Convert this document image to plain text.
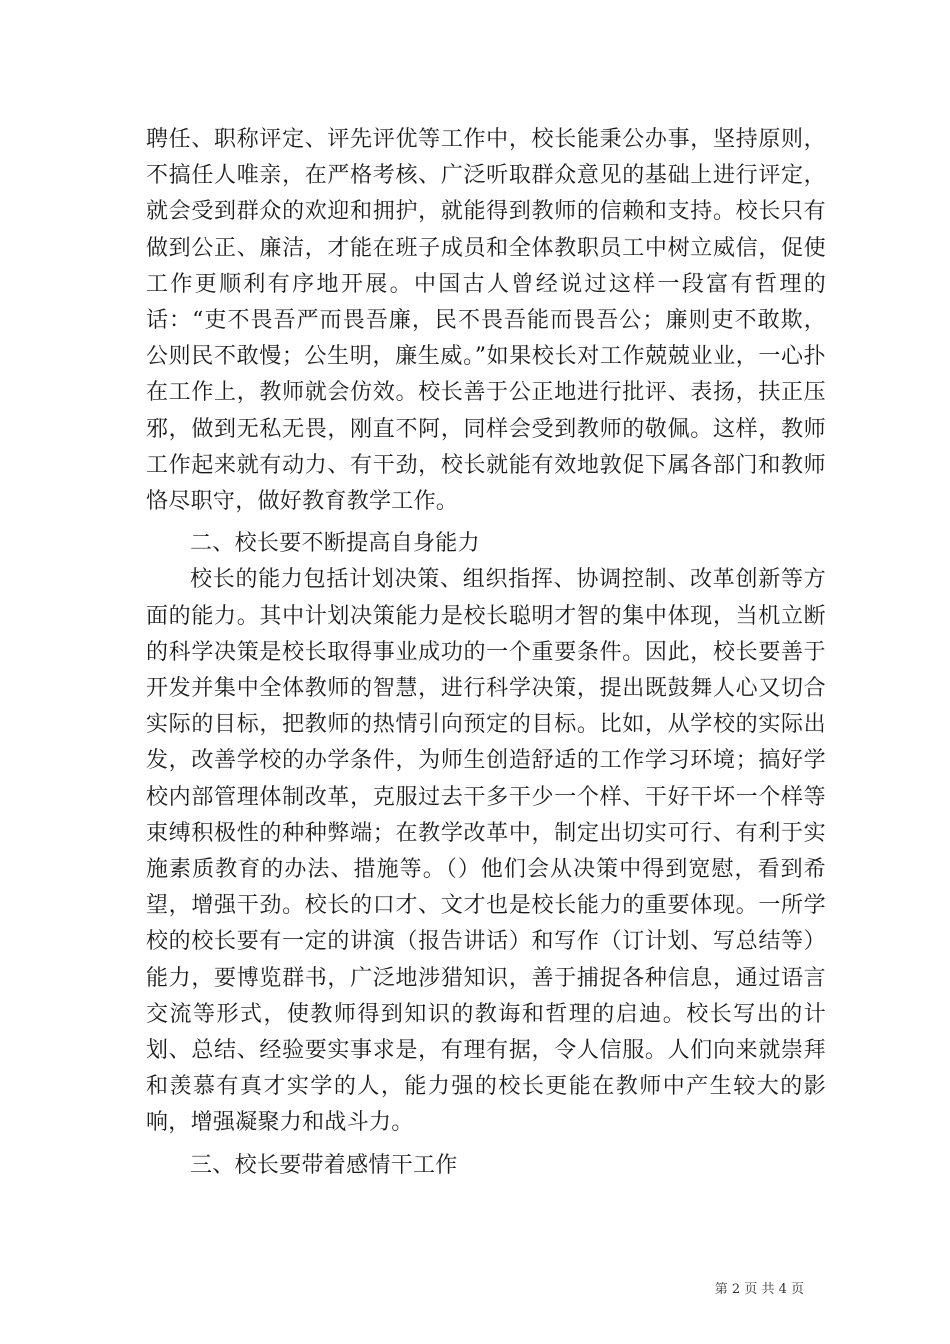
聘任、职称评定、评先评优等工作中，校长能秉公办事，坚持原则，不搞任人唯亲，在严格考核、广泛听取群众意见的基础上进行评定，就会受到群众的欢迎和拥护，就能得到教师的信赖和支持。校长只有做到公正、廉洁，才能在班子成员和全体教职员工中树立威信，促使工作更顺利有序地开展。中国古人曾经说过这样一段富有哲理的话：“吏不畏吾严而畏吾廉，民不畏吾能而畏吾公；廉则吏不敢欺，公则民不敢慢；公生明，廉生威。”如果校长对工作兢兢业业，一心扑在工作上，教师就会仿效。校长善于公正地进行批评、表扬，扶正压邪，做到无私无畏，刚直不阿，同样会受到教师的敬佩。这样，教师工作起来就有动力、有干劲，校长就能有效地敦促下属各部门和教师恪尽职守，做好教育教学工作。

二、校长要不断提高自身能力

校长的能力包括计划决策、组织指挥、协调控制、改革创新等方面的能力。其中计划决策能力是校长聪明才智的集中体现，当机立断的科学决策是校长取得事业成功的一个重要条件。因此，校长要善于开发并集中全体教师的智慧，进行科学决策，提出既鼓舞人心又切合实际的目标，把教师的热情引向预定的目标。比如，从学校的实际出发，改善学校的办学条件，为师生创造舒适的工作学习环境；搞好学校内部管理体制改革，克服过去干多干少一个样、干好干坏一个样等束缚积极性的种种弊端；在教学改革中，制定出切实可行、有利于实施素质教育的办法、措施等。（）他们会从决策中得到宽慰，看到希望，增强干劲。校长的口才、文才也是校长能力的重要体现。一所学校的校长要有一定的讲演（报告讲话）和写作（订计划、写总结等）能力，要博览群书，广泛地涉猎知识，善于捕捉各种信息，通过语言交流等形式，使教师得到知识的教诲和哲理的启迪。校长写出的计划、总结、经验要实事求是，有理有据，令人信服。人们向来就崇拜和羡慕有真才实学的人，能力强的校长更能在教师中产生较大的影响，增强凝聚力和战斗力。

三、校长要带着感情干工作

第 2 页 共 4 页
